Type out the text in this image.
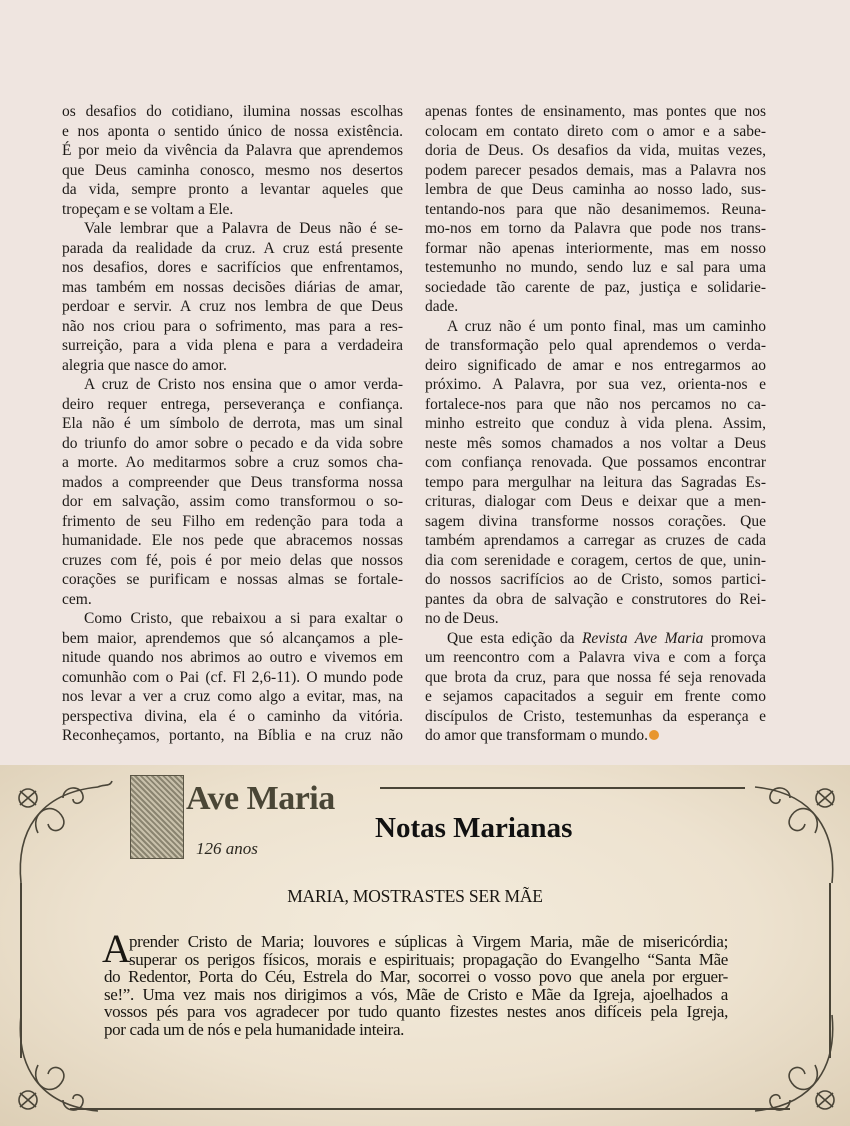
os desafios do cotidiano, ilumina nossas escolhas
e nos aponta o sentido único de nossa existência.
É por meio da vivência da Palavra que aprendemos
que Deus caminha conosco, mesmo nos desertos
da vida, sempre pronto a levantar aqueles que
tropeçam e se voltam a Ele.
Vale lembrar que a Palavra de Deus não é se-
parada da realidade da cruz. A cruz está presente
nos desafios, dores e sacrifícios que enfrentamos,
mas também em nossas decisões diárias de amar,
perdoar e servir. A cruz nos lembra de que Deus
não nos criou para o sofrimento, mas para a res-
surreição, para a vida plena e para a verdadeira
alegria que nasce do amor.
A cruz de Cristo nos ensina que o amor verda-
deiro requer entrega, perseverança e confiança.
Ela não é um símbolo de derrota, mas um sinal
do triunfo do amor sobre o pecado e da vida sobre
a morte. Ao meditarmos sobre a cruz somos cha-
mados a compreender que Deus transforma nossa
dor em salvação, assim como transformou o so-
frimento de seu Filho em redenção para toda a
humanidade. Ele nos pede que abracemos nossas
cruzes com fé, pois é por meio delas que nossos
corações se purificam e nossas almas se fortale-
cem.
Como Cristo, que rebaixou a si para exaltar o
bem maior, aprendemos que só alcançamos a ple-
nitude quando nos abrimos ao outro e vivemos em
comunhão com o Pai (cf. Fl 2,6-11). O mundo pode
nos levar a ver a cruz como algo a evitar, mas, na
perspectiva divina, ela é o caminho da vitória.
Reconheçamos, portanto, na Bíblia e na cruz não
apenas fontes de ensinamento, mas pontes que nos
colocam em contato direto com o amor e a sabe-
doria de Deus. Os desafios da vida, muitas vezes,
podem parecer pesados demais, mas a Palavra nos
lembra de que Deus caminha ao nosso lado, sus-
tentando-nos para que não desanimemos. Reuna-
mo-nos em torno da Palavra que pode nos trans-
formar não apenas interiormente, mas em nosso
testemunho no mundo, sendo luz e sal para uma
sociedade tão carente de paz, justiça e solidarie-
dade.
A cruz não é um ponto final, mas um caminho
de transformação pelo qual aprendemos o verda-
deiro significado de amar e nos entregarmos ao
próximo. A Palavra, por sua vez, orienta-nos e
fortalece-nos para que não nos percamos no ca-
minho estreito que conduz à vida plena. Assim,
neste mês somos chamados a nos voltar a Deus
com confiança renovada. Que possamos encontrar
tempo para mergulhar na leitura das Sagradas Es-
crituras, dialogar com Deus e deixar que a men-
sagem divina transforme nossos corações. Que
também aprendamos a carregar as cruzes de cada
dia com serenidade e coragem, certos de que, unin-
do nossos sacrifícios ao de Cristo, somos partici-
pantes da obra de salvação e construtores do Rei-
no de Deus.
Que esta edição da Revista Ave Maria promova
um reencontro com a Palavra viva e com a força
que brota da cruz, para que nossa fé seja renovada
e sejamos capacitados a seguir em frente como
discípulos de Cristo, testemunhas da esperança e
do amor que transformam o mundo.
Ave Maria
126 anos
Notas Marianas
MARIA, MOSTRASTES SER MÃE
A
prender Cristo de Maria; louvores e súplicas à Virgem Maria, mãe de misericórdia;
superar os perigos físicos, morais e espirituais; propagação do Evangelho “Santa Mãe
do Redentor, Porta do Céu, Estrela do Mar, socorrei o vosso povo que anela por erguer-
se!”. Uma vez mais nos dirigimos a vós, Mãe de Cristo e Mãe da Igreja, ajoelhados a
vossos pés para vos agradecer por tudo quanto fizestes nestes anos difíceis pela Igreja,
por cada um de nós e pela humanidade inteira.
